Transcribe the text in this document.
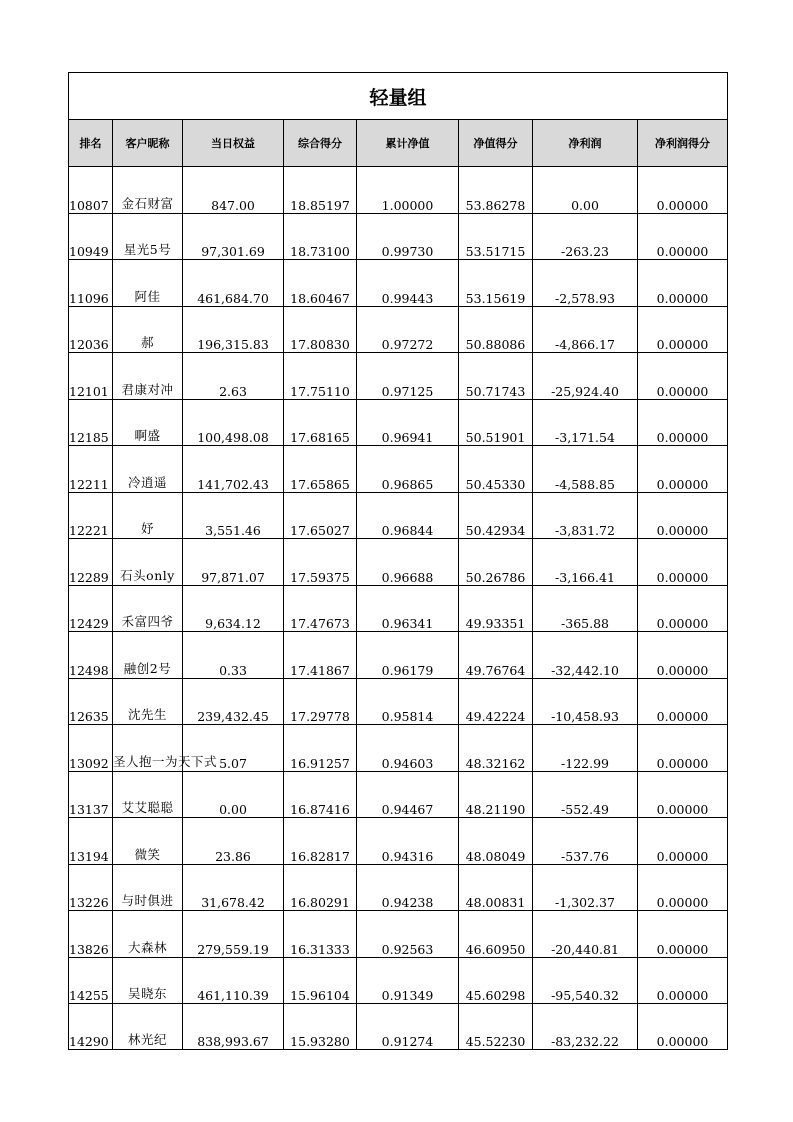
轻量组							
排名	客户昵称	当日权益	综合得分	累计净值	净值得分	净利润	净利润得分
10807	金石财富	847.00	18.85197	1.00000	53.86278	0.00	0.00000
10949	星光5号	97,301.69	18.73100	0.99730	53.51715	-263.23	0.00000
11096	阿佳	461,684.70	18.60467	0.99443	53.15619	-2,578.93	0.00000
12036	郝	196,315.83	17.80830	0.97272	50.88086	-4,866.17	0.00000
12101	君康对冲	2.63	17.75110	0.97125	50.71743	-25,924.40	0.00000
12185	啊盛	100,498.08	17.68165	0.96941	50.51901	-3,171.54	0.00000
12211	冷逍遥	141,702.43	17.65865	0.96865	50.45330	-4,588.85	0.00000
12221	妤	3,551.46	17.65027	0.96844	50.42934	-3,831.72	0.00000
12289	石头only	97,871.07	17.59375	0.96688	50.26786	-3,166.41	0.00000
12429	禾富四爷	9,634.12	17.47673	0.96341	49.93351	-365.88	0.00000
12498	融创2号	0.33	17.41867	0.96179	49.76764	-32,442.10	0.00000
12635	沈先生	239,432.45	17.29778	0.95814	49.42224	-10,458.93	0.00000
13092	圣人抱一为天下式	5.07	16.91257	0.94603	48.32162	-122.99	0.00000
13137	艾艾聪聪	0.00	16.87416	0.94467	48.21190	-552.49	0.00000
13194	微笑	23.86	16.82817	0.94316	48.08049	-537.76	0.00000
13226	与时俱进	31,678.42	16.80291	0.94238	48.00831	-1,302.37	0.00000
13826	大森林	279,559.19	16.31333	0.92563	46.60950	-20,440.81	0.00000
14255	吴晓东	461,110.39	15.96104	0.91349	45.60298	-95,540.32	0.00000
14290	林光纪	838,993.67	15.93280	0.91274	45.52230	-83,232.22	0.00000
